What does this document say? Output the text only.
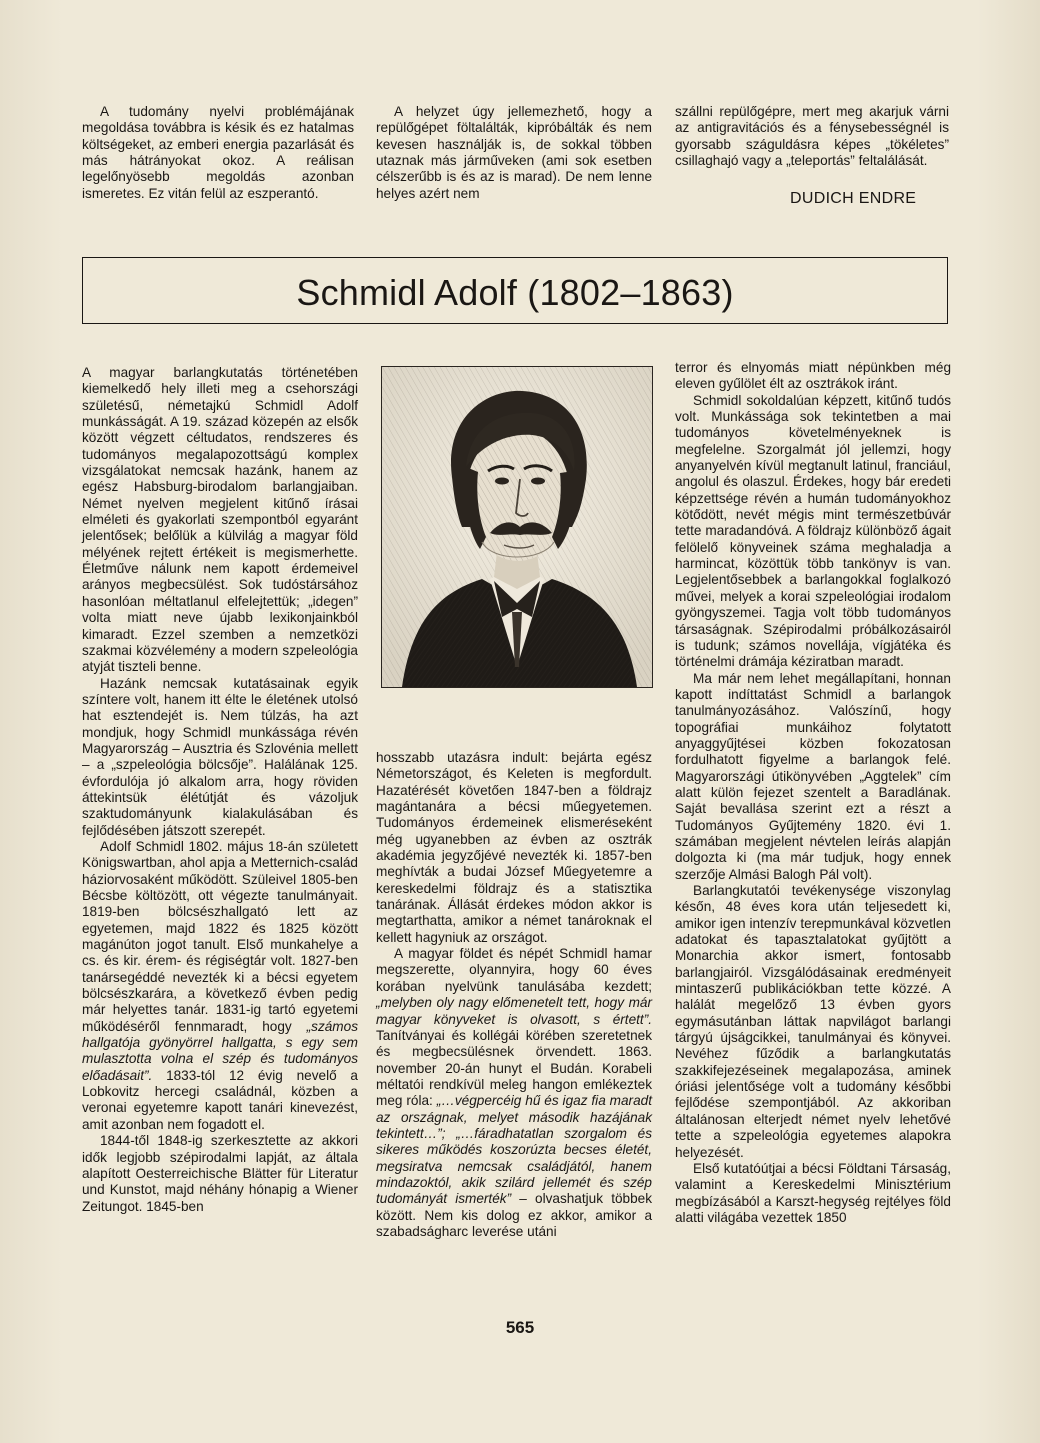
A tudomány nyelvi problémájának megoldása továbbra is késik és ez hatalmas költségeket, az emberi energia pazarlását és más hátrányokat okoz. A reálisan legelőnyösebb megoldás azonban ismeretes. Ez vitán felül az eszperantó.

A helyzet úgy jellemezhető, hogy a repülőgépet föltalálták, kipróbálták és nem kevesen használják is, de sokkal többen utaznak más járműveken (ami sok esetben célszerűbb is és az is marad). De nem lenne helyes azért nem

szállni repülőgépre, mert meg akarjuk várni az antigravitációs és a fénysebességnél is gyorsabb száguldásra képes „tökéletes” csillaghajó vagy a „teleportás” feltalálását.

DUDICH ENDRE
Schmidl Adolf (1802–1863)

A magyar barlangkutatás történetében kiemelkedő hely illeti meg a csehországi születésű, németajkú Schmidl Adolf munkásságát. A 19. század közepén az elsők között végzett céltudatos, rendszeres és tudományos megalapozottságú komplex vizsgálatokat nemcsak hazánk, hanem az egész Habsburg-birodalom barlangjaiban. Német nyelven megjelent kitűnő írásai elméleti és gyakorlati szempontból egyaránt jelentősek; belőlük a külvilág a magyar föld mélyének rejtett értékeit is megismerhette. Életműve nálunk nem kapott érdemeivel arányos megbecsülést. Sok tudóstársához hasonlóan méltatlanul elfelejtettük; „idegen” volta miatt neve újabb lexikonjainkból kimaradt. Ezzel szemben a nemzetközi szakmai közvélemény a modern szpeleológia atyját tiszteli benne.

Hazánk nemcsak kutatásainak egyik színtere volt, hanem itt élte le életének utolsó hat esztendejét is. Nem túlzás, ha azt mondjuk, hogy Schmidl munkássága révén Magyarország – Ausztria és Szlovénia mellett – a „szpeleológia bölcsője”. Halálának 125. évfordulója jó alkalom arra, hogy röviden áttekintsük élétútját és vázoljuk szaktudományunk kialakulásában és fejlődésében játszott szerepét.

Adolf Schmidl 1802. május 18-án született Königswartban, ahol apja a Metternich-család háziorvosaként működött. Szüleivel 1805-ben Bécsbe költözött, ott végezte tanulmányait. 1819-ben bölcsészhallgató lett az egyetemen, majd 1822 és 1825 között magánúton jogot tanult. Első munkahelye a cs. és kir. érem- és régiségtár volt. 1827-ben tanársegéddé nevezték ki a bécsi egyetem bölcsészkarára, a következő évben pedig már helyettes tanár. 1831-ig tartó egyetemi működéséről fennmaradt, hogy „számos hallgatója gyönyörrel hallgatta, s egy sem mulasztotta volna el szép és tudományos előadásait”. 1833-tól 12 évig nevelő a Lobkovitz hercegi családnál, közben a veronai egyetemre kapott tanári kinevezést, amit azonban nem fogadott el.

1844-től 1848-ig szerkesztette az akkori idők legjobb szépirodalmi lapját, az általa alapított Oesterreichische Blätter für Literatur und Kunstot, majd néhány hónapig a Wiener Zeitungot. 1845-ben

hosszabb utazásra indult: bejárta egész Németországot, és Keleten is megfordult. Hazatérését követően 1847-ben a földrajz magántanára a bécsi műegyetemen. Tudományos érdemeinek elismeréseként még ugyanebben az évben az osztrák akadémia jegyzőjévé nevezték ki. 1857-ben meghívták a budai József Műegyetemre a kereskedelmi földrajz és a statisztika tanárának. Állását érdekes módon akkor is megtarthatta, amikor a német tanároknak el kellett hagyniuk az országot.

A magyar földet és népét Schmidl hamar megszerette, olyannyira, hogy 60 éves korában nyelvünk tanulásába kezdett; „melyben oly nagy előmenetelt tett, hogy már magyar könyveket is olvasott, s értett”. Tanítványai és kollégái körében szeretetnek és megbecsülésnek örvendett. 1863. november 20-án hunyt el Budán. Korabeli méltatói rendkívül meleg hangon emlékeztek meg róla: „…végpercéig hű és igaz fia maradt az országnak, melyet második hazájának tekintett…”; „…fáradhatatlan szorgalom és sikeres működés koszorúzta becses életét, megsiratva nemcsak családjától, hanem mindazoktól, akik szilárd jellemét és szép tudományát ismerték” – olvashatjuk többek között. Nem kis dolog ez akkor, amikor a szabadságharc leverése utáni

terror és elnyomás miatt népünkben még eleven gyűlölet élt az osztrákok iránt.

Schmidl sokoldalúan képzett, kitűnő tudós volt. Munkássága sok tekintetben a mai tudományos követelményeknek is megfelelne. Szorgalmát jól jellemzi, hogy anyanyelvén kívül megtanult latinul, franciául, angolul és olaszul. Érdekes, hogy bár eredeti képzettsége révén a humán tudományokhoz kötődött, nevét mégis mint természetbúvár tette maradandóvá. A földrajz különböző ágait felölelő könyveinek száma meghaladja a harmincat, közöttük több tankönyv is van. Legjelentősebbek a barlangokkal foglalkozó művei, melyek a korai szpeleológiai irodalom gyöngyszemei. Tagja volt több tudományos társaságnak. Szépirodalmi próbálkozásairól is tudunk; számos novellája, vígjátéka és történelmi drámája kéziratban maradt.

Ma már nem lehet megállapítani, honnan kapott indíttatást Schmidl a barlangok tanulmányozásához. Valószínű, hogy topográfiai munkáihoz folytatott anyaggyűjtései közben fokozatosan fordulhatott figyelme a barlangok felé. Magyarországi útikönyvében „Aggtelek” cím alatt külön fejezet szentelt a Baradlának. Saját bevallása szerint ezt a részt a Tudományos Gyűjtemény 1820. évi 1. számában megjelent névtelen leírás alapján dolgozta ki (ma már tudjuk, hogy ennek szerzője Almási Balogh Pál volt).

Barlangkutatói tevékenysége viszonylag későn, 48 éves kora után teljesedett ki, amikor igen intenzív terepmunkával közvetlen adatokat és tapasztalatokat gyűjtött a Monarchia akkor ismert, fontosabb barlangjairól. Vizsgálódásainak eredményeit mintaszerű publikációkban tette közzé. A halálát megelőző 13 évben gyors egymásutánban láttak napvilágot barlangi tárgyú újságcikkei, tanulmányai és könyvei. Nevéhez fűződik a barlangkutatás szakkifejezéseinek megalapozása, aminek óriási jelentősége volt a tudomány későbbi fejlődése szempontjából. Az akkoriban általánosan elterjedt német nyelv lehetővé tette a szpeleológia egyetemes alapokra helyezését.

Első kutatóútjai a bécsi Földtani Társaság, valamint a Kereskedelmi Minisztérium megbízásából a Karszt-hegység rejtélyes föld alatti világába vezettek 1850

565
